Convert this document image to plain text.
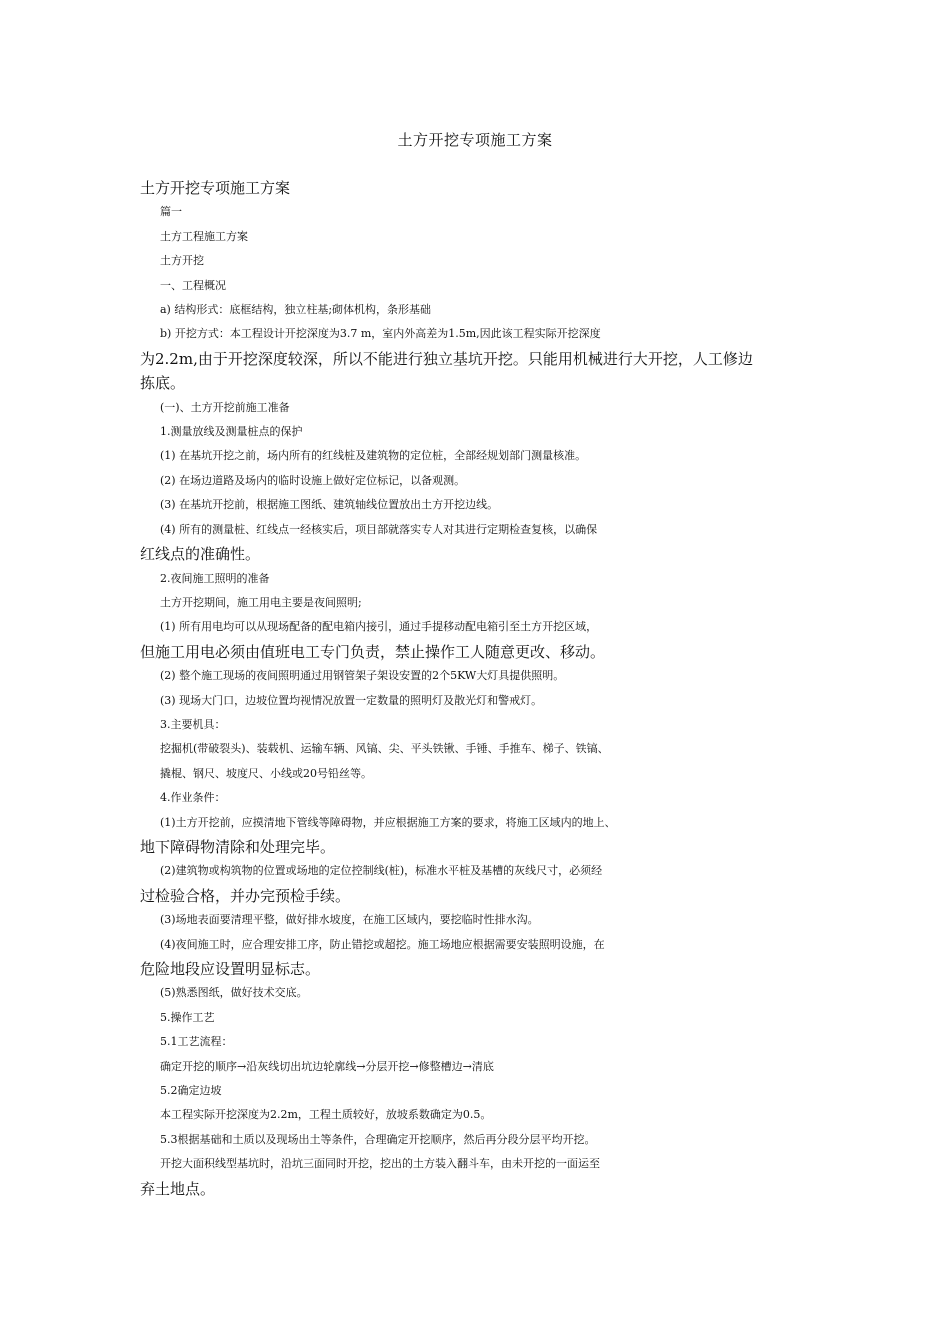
土方开挖专项施工方案

土方开挖专项施工方案

篇一

土方工程施工方案

土方开挖

一、工程概况

a) 结构形式：底框结构，独立柱基;砌体机构，条形基础

b) 开挖方式：本工程设计开挖深度为3.7 m，室内外高差为1.5m,因此该工程实际开挖深度

为2.2m,由于开挖深度较深，所以不能进行独立基坑开挖。只能用机械进行大开挖，人工修边

拣底。

(一)、土方开挖前施工准备

1.测量放线及测量桩点的保护

(1) 在基坑开挖之前，场内所有的红线桩及建筑物的定位桩，全部经规划部门测量核准。

(2) 在场边道路及场内的临时设施上做好定位标记，以备观测。

(3) 在基坑开挖前，根据施工图纸、建筑轴线位置放出土方开挖边线。

(4) 所有的测量桩、红线点一经核实后，项目部就落实专人对其进行定期检查复核，以确保

红线点的准确性。

2.夜间施工照明的准备

土方开挖期间，施工用电主要是夜间照明;

(1) 所有用电均可以从现场配备的配电箱内接引，通过手提移动配电箱引至土方开挖区域，

但施工用电必须由值班电工专门负责，禁止操作工人随意更改、移动。

(2) 整个施工现场的夜间照明通过用钢管架子架设安置的2个5KW大灯具提供照明。

(3) 现场大门口，边坡位置均视情况放置一定数量的照明灯及散光灯和警戒灯。

3.主要机具：

挖掘机(带破裂头)、装载机、运输车辆、风镐、尖、平头铁锹、手锤、手推车、梯子、铁镐、

撬棍、钢尺、坡度尺、小线或20号铅丝等。

4.作业条件：

(1)土方开挖前，应摸清地下管线等障碍物，并应根据施工方案的要求，将施工区域内的地上、

地下障碍物清除和处理完毕。

(2)建筑物或构筑物的位置或场地的定位控制线(桩)，标准水平桩及基槽的灰线尺寸，必须经

过检验合格，并办完预检手续。

(3)场地表面要清理平整，做好排水坡度，在施工区域内，要挖临时性排水沟。

(4)夜间施工时，应合理安排工序，防止错挖或超挖。施工场地应根据需要安装照明设施，在

危险地段应设置明显标志。

(5)熟悉图纸，做好技术交底。

5.操作工艺

5.1工艺流程：

确定开挖的顺序→沿灰线切出坑边轮廓线→分层开挖→修整槽边→清底

5.2确定边坡

本工程实际开挖深度为2.2m，工程土质较好，放坡系数确定为0.5。

5.3根据基础和土质以及现场出土等条件，合理确定开挖顺序，然后再分段分层平均开挖。

开挖大面积线型基坑时，沿坑三面同时开挖，挖出的土方装入翻斗车，由未开挖的一面运至

弃土地点。
